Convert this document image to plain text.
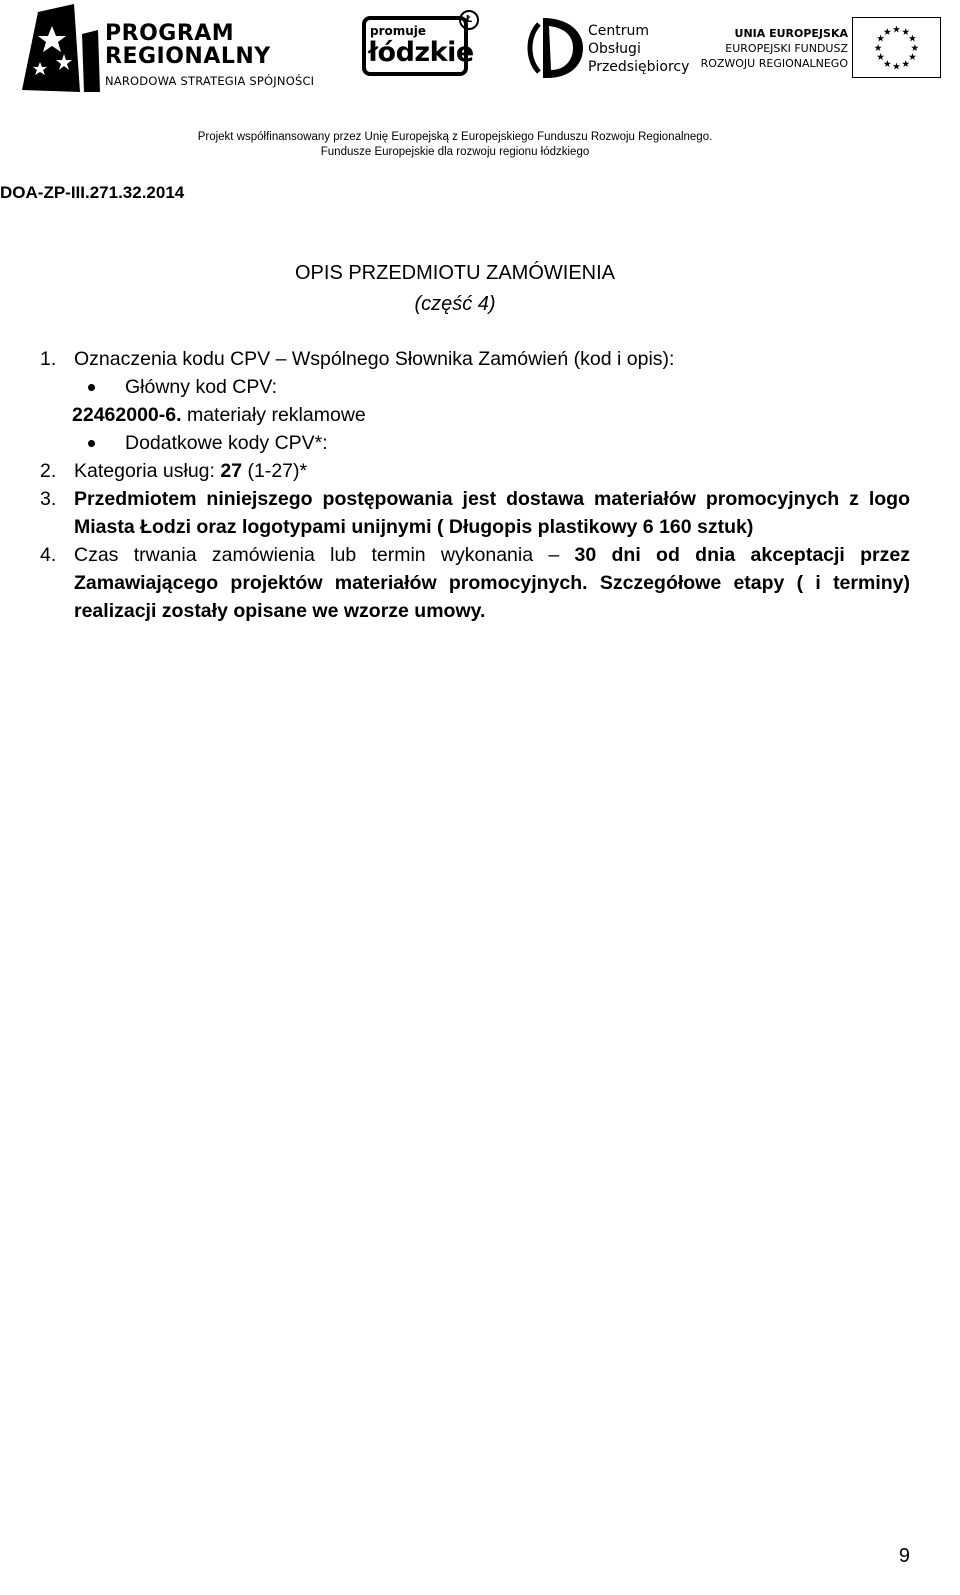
PROGRAM
REGIONALNY
NARODOWA STRATEGIA SPÓJNOŚCI
promuje
łódzkie
Ł
Centrum
Obsługi
Przedsiębiorcy
UNIA EUROPEJSKA
EUROPEJSKI FUNDUSZ
ROZWOJU REGIONALNEGO
★ ★
★
★
★
★
★
★
★
★
★
★
Projekt współfinansowany przez Unię Europejską z Europejskiego Funduszu Rozwoju Regionalnego.
Fundusze Europejskie dla rozwoju regionu łódzkiego
DOA-ZP-III.271.32.2014
OPIS PRZEDMIOTU ZAMÓWIENIA
(część 4)
1. Oznaczenia kodu CPV – Wspólnego Słownika Zamówień (kod i opis):
Główny kod CPV:
22462000-6. materiały reklamowe
Dodatkowe kody CPV*:
2. Kategoria usług: 27 (1-27)*
3. Przedmiotem niniejszego postępowania jest dostawa materiałów promocyjnych z logo Miasta Łodzi oraz logotypami unijnymi ( Długopis plastikowy 6 160 sztuk)
4. Czas trwania zamówienia lub termin wykonania – 30 dni od dnia akceptacji przez Zamawiającego projektów materiałów promocyjnych. Szczegółowe etapy ( i terminy) realizacji zostały opisane we wzorze umowy.
9
